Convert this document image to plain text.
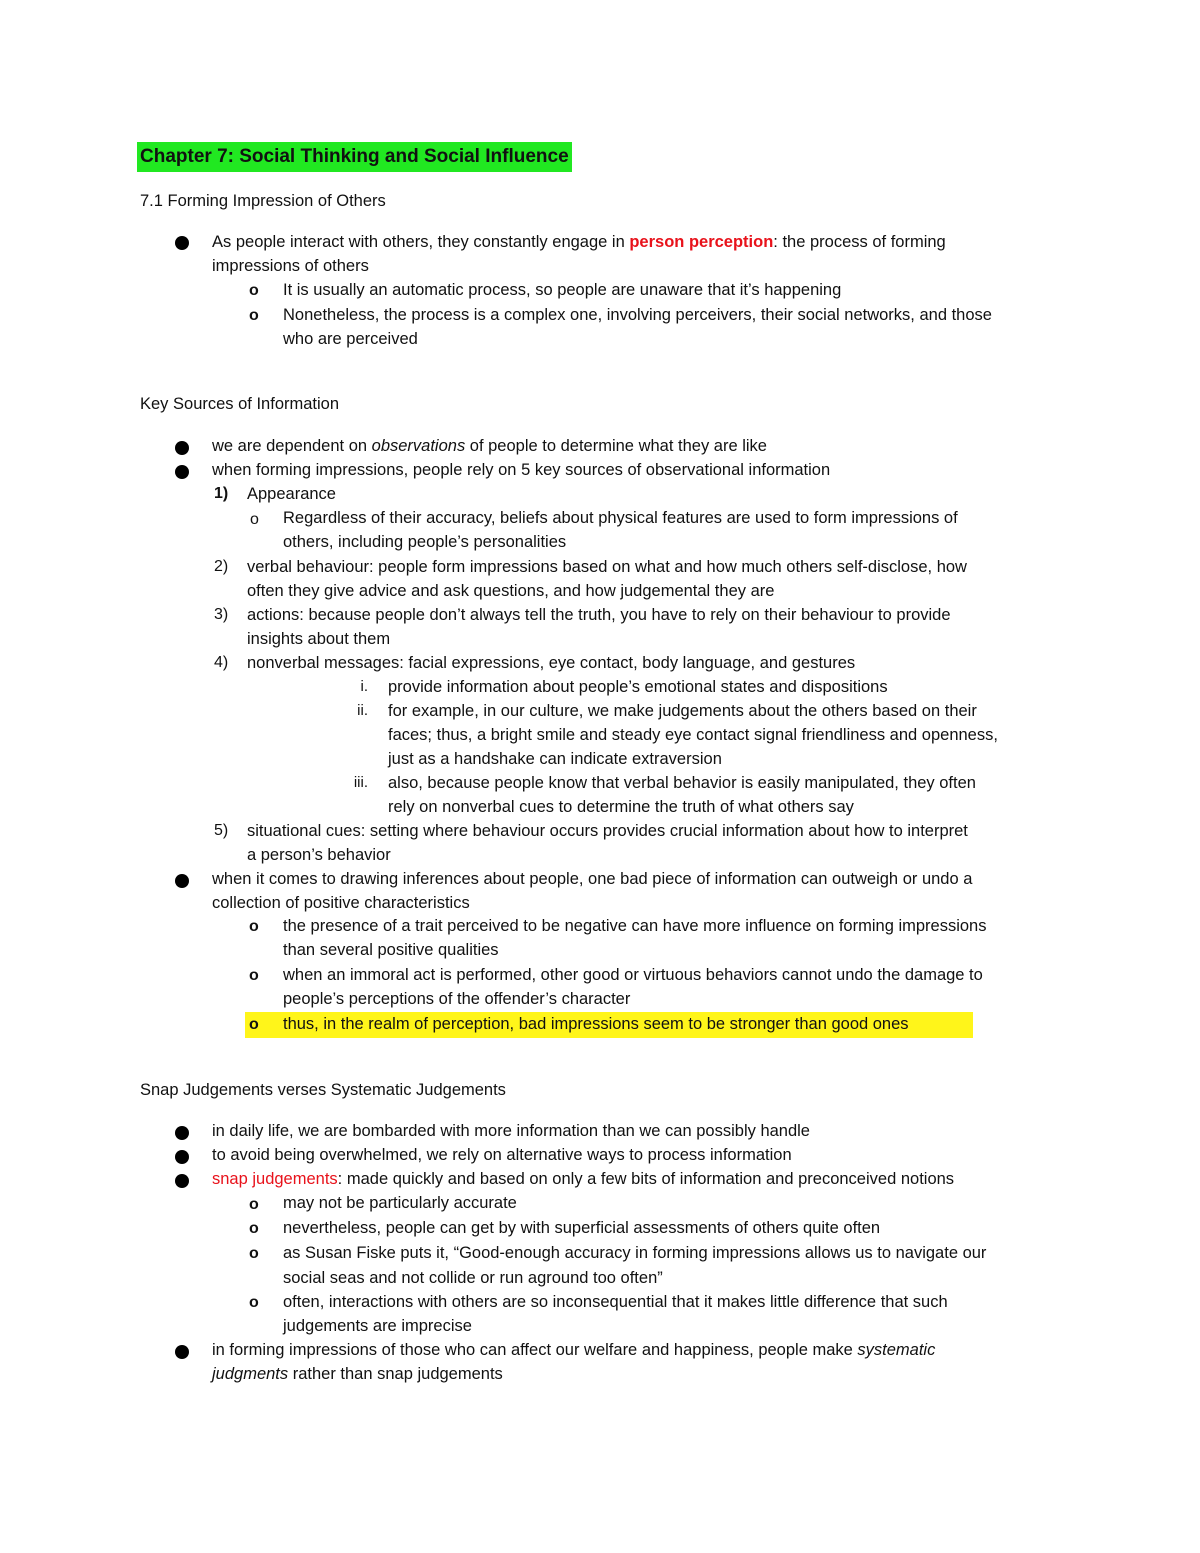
Chapter 7: Social Thinking and Social Influence
7.1 Forming Impression of Others
As people interact with others, they constantly engage in person perception: the process of forming
impressions of others
o It is usually an automatic process, so people are unaware that it’s happening
o Nonetheless, the process is a complex one, involving perceivers, their social networks, and those
who are perceived
Key Sources of Information
we are dependent on observations of people to determine what they are like
when forming impressions, people rely on 5 key sources of observational information
1) Appearance
o Regardless of their accuracy, beliefs about physical features are used to form impressions of
others, including people’s personalities
2) verbal behaviour: people form impressions based on what and how much others self-disclose, how
often they give advice and ask questions, and how judgemental they are
3) actions: because people don’t always tell the truth, you have to rely on their behaviour to provide
insights about them
4) nonverbal messages: facial expressions, eye contact, body language, and gestures
i. provide information about people’s emotional states and dispositions
ii. for example, in our culture, we make judgements about the others based on their
faces; thus, a bright smile and steady eye contact signal friendliness and openness,
just as a handshake can indicate extraversion
iii. also, because people know that verbal behavior is easily manipulated, they often
rely on nonverbal cues to determine the truth of what others say
5) situational cues: setting where behaviour occurs provides crucial information about how to interpret
a person’s behavior
when it comes to drawing inferences about people, one bad piece of information can outweigh or undo a
collection of positive characteristics
o the presence of a trait perceived to be negative can have more influence on forming impressions
than several positive qualities
o when an immoral act is performed, other good or virtuous behaviors cannot undo the damage to
people’s perceptions of the offender’s character
o thus, in the realm of perception, bad impressions seem to be stronger than good ones
Snap Judgements verses Systematic Judgements
in daily life, we are bombarded with more information than we can possibly handle
to avoid being overwhelmed, we rely on alternative ways to process information
snap judgements: made quickly and based on only a few bits of information and preconceived notions
o may not be particularly accurate
o nevertheless, people can get by with superficial assessments of others quite often
o as Susan Fiske puts it, “Good-enough accuracy in forming impressions allows us to navigate our
social seas and not collide or run aground too often”
o often, interactions with others are so inconsequential that it makes little difference that such
judgements are imprecise
in forming impressions of those who can affect our welfare and happiness, people make systematic
judgments rather than snap judgements
